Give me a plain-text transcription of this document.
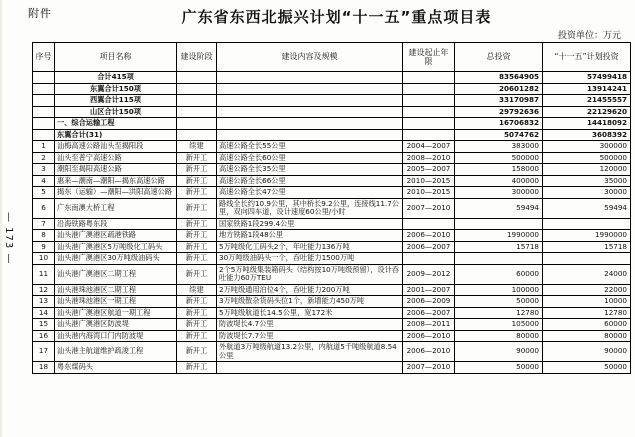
— 173 —
附件	广东省东西北振兴计划“十一五”重点项目表
投资单位：万元
序号	项目名称	建设阶段	建设内容及规模	建设起止年限	总投资	“十一五”计划投资
	合计415项				83564905	57499418
	东翼合计150项				20601282	13914241
	西翼合计115项				33170987	21455557
	山区合计150项				29792636	22129620
	一、综合运输工程				16706832	14418092
	东翼合计(31)				5074762	3608392
1	汕梅高速公路汕头至揭阳段	续建	高速公路全长55公里	2004—2007	383000	300000
2	汕头至普宁高速公路	新开工	高速公路全长60公里	2008—2010	500000	500000
3	潮阳至揭阳高速公路	新开工	高速公路全长35公里	2005—2007	158000	120000
4	惠来—潮南—潮阳—揭东高速公路	新开工	高速公路全长66公里	2010—2015	400000	35000
5	揭东（运输）—潮阳—洪阳高速公路	新开工	高速公路全长47公里	2010—2015	300000	30000
6	广东南澳大桥工程	新开工	路线全长约10.9公里，其中桥长9.2公里，连接线11.7公里，双向四车道，设计速度60公里/小时	2007—2010	59494	59494
7	沿海铁路粤东段	新开工	国家铁路1段299.4公里			
8	汕头港广澳港区疏港铁路	新开工	地方铁路1段48公里	2006—2010	1990000	1990000
9	汕头港广澳港区5万吨级化工码头	新开工	5万吨级化工码头2个，年吐能力136万吨	2006—2007	15718	15718
10	汕头港广澳港区30万吨级油码头	新开工	30万吨级油码头一个，吞吐能力1500万吨			
11	汕头港广澳港区二期工程	新开工	2个5万吨级集装箱码头（结构按10万吨级预留），设计吞吐能力60万TEU	2009—2012	60000	24000
12	汕头港珠池港区二期工程	续建	2万吨级通用泊位4个，吞吐能力200万吨	2001—2007	100000	22000
13	汕头港珠池港区一期工程	新开工	3万吨级散杂货码头位1个，新增能力450万吨	2006—2009	50000	10000
14	汕头港广澳港区航道一期工程	新开工	5万吨级航道长14.5公里，宽172米	2006—2007	12780	12780
15	汕头港广澳港区防波堤	新开工	防波堤长4.7公里	2008—2011	105000	60000
16	汕头港内海湾口门内防波堤	新开工	防波堤长7.7公里	2006—2010	80000	80000
17	汕头港主航道维护疏浚工程	新开工	外航道3万吨级航道13.2公里，内航道5千吨级航道8.54公里	2006—2010	90000	90000
18	粤东煤码头	新开工		2007—2010	50000	50000
